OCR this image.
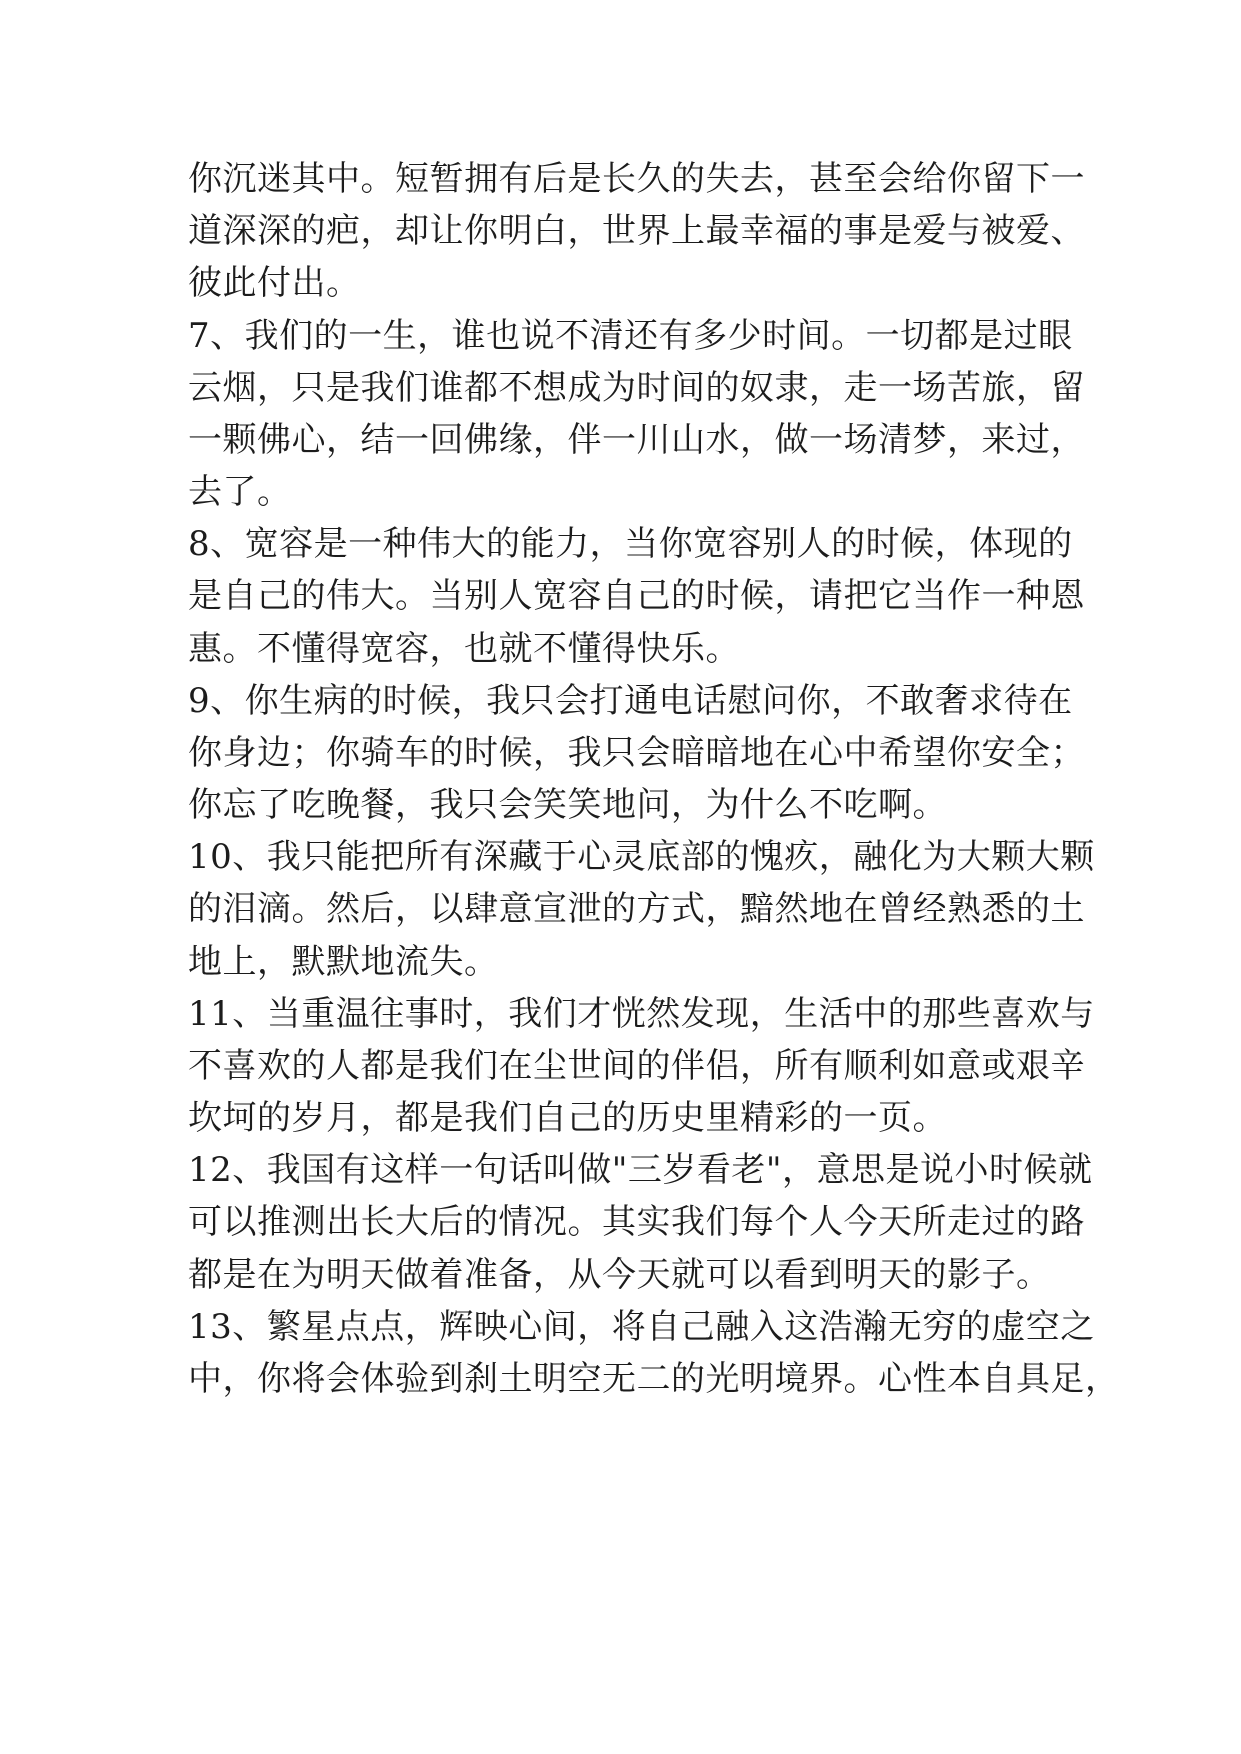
你沉迷其中。短暂拥有后是长久的失去，甚至会给你留下一
道深深的疤，却让你明白，世界上最幸福的事是爱与被爱、
彼此付出。
7、我们的一生，谁也说不清还有多少时间。一切都是过眼
云烟，只是我们谁都不想成为时间的奴隶，走一场苦旅，留
一颗佛心，结一回佛缘，伴一川山水，做一场清梦，来过，
去了。
8、宽容是一种伟大的能力，当你宽容别人的时候，体现的
是自己的伟大。当别人宽容自己的时候，请把它当作一种恩
惠。不懂得宽容，也就不懂得快乐。
9、你生病的时候，我只会打通电话慰问你，不敢奢求待在
你身边；你骑车的时候，我只会暗暗地在心中希望你安全；
你忘了吃晚餐，我只会笑笑地问，为什么不吃啊。
10、我只能把所有深藏于心灵底部的愧疚，融化为大颗大颗
的泪滴。然后，以肆意宣泄的方式，黯然地在曾经熟悉的土
地上，默默地流失。
11、当重温往事时，我们才恍然发现，生活中的那些喜欢与
不喜欢的人都是我们在尘世间的伴侣，所有顺利如意或艰辛
坎坷的岁月，都是我们自己的历史里精彩的一页。
12、我国有这样一句话叫做"三岁看老"，意思是说小时候就
可以推测出长大后的情况。其实我们每个人今天所走过的路
都是在为明天做着准备，从今天就可以看到明天的影子。
13、繁星点点，辉映心间，将自己融入这浩瀚无穷的虚空之
中，你将会体验到刹土明空无二的光明境界。心性本自具足，
